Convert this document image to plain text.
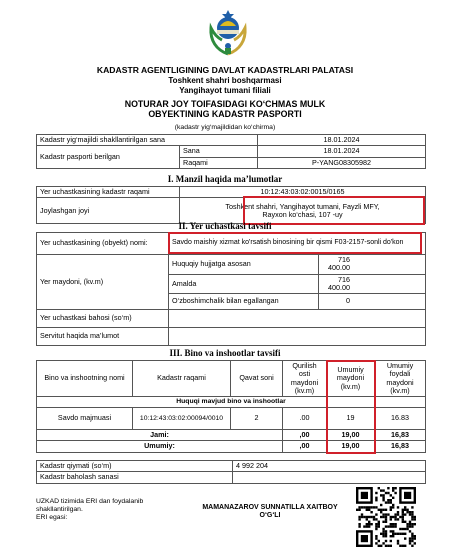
KADASTR AGENTLIGINING DAVLAT KADASTRLARI PALATASI
Toshkent shahri boshqarmasi
Yangihayot tumani filiali
NOTURAR JOY TOIFASIDAGI KO‘CHMAS MULK
OBYEKTINING KADASTR PASPORTI
(kadastr yig‘majildidan ko‘chirma)
Kadastr yig‘majildi shakllantirilgan sana		18.01.2024
Kadastr pasporti berilgan	Sana	18.01.2024
	Raqami	P-YANG08305982
I. Manzil haqida ma’lumotlar
Yer uchastkasining kadastr raqami	10:12:43:03:02:0015/0165
Joylashgan joyi	Toshkent shahri, Yangihayot tumani, Fayzli MFY,
Rayxon ko‘chasi, 107 -uy
II. Yer uchastkasi tavsifi
Yer uchastkasining (obyekt) nomi:	Savdo maishiy xizmat ko'rsatish binosining bir qismi F03-2157-sonli do'kon	
Yer maydoni, (kv.m)	Huquqiy hujjatga asosan	716 400.00
	Amalda	716 400.00
	O‘zboshimchalik bilan egallangan	0
Yer uchastkasi bahosi (so‘m)		
Servitut haqida ma’lumot		
III. Bino va inshootlar tavsifi
Bino va inshootning nomi	Kadastr raqami	Qavat soni	Qurilish osti maydoni (kv.m)	Umumiy maydoni (kv.m)	Umumiy foydali maydoni (kv.m)
Huquqi mavjud bino va inshootlar					
Savdo majmuasi	10:12:43:03:02:00094/0010	2	.00	19	16.83
Jami:			,00	19,00	16,83
Umumiy:			,00	19,00	16,83
Kadastr qiymati (so‘m)	4 992 204
Kadastr baholash sanasi	
UZKAD tizimida ERI dan foydalanib
shakllantirilgan.
ERI egasi:
MAMANAZAROV SUNNATILLA XAITBOY
O‘G‘LI
